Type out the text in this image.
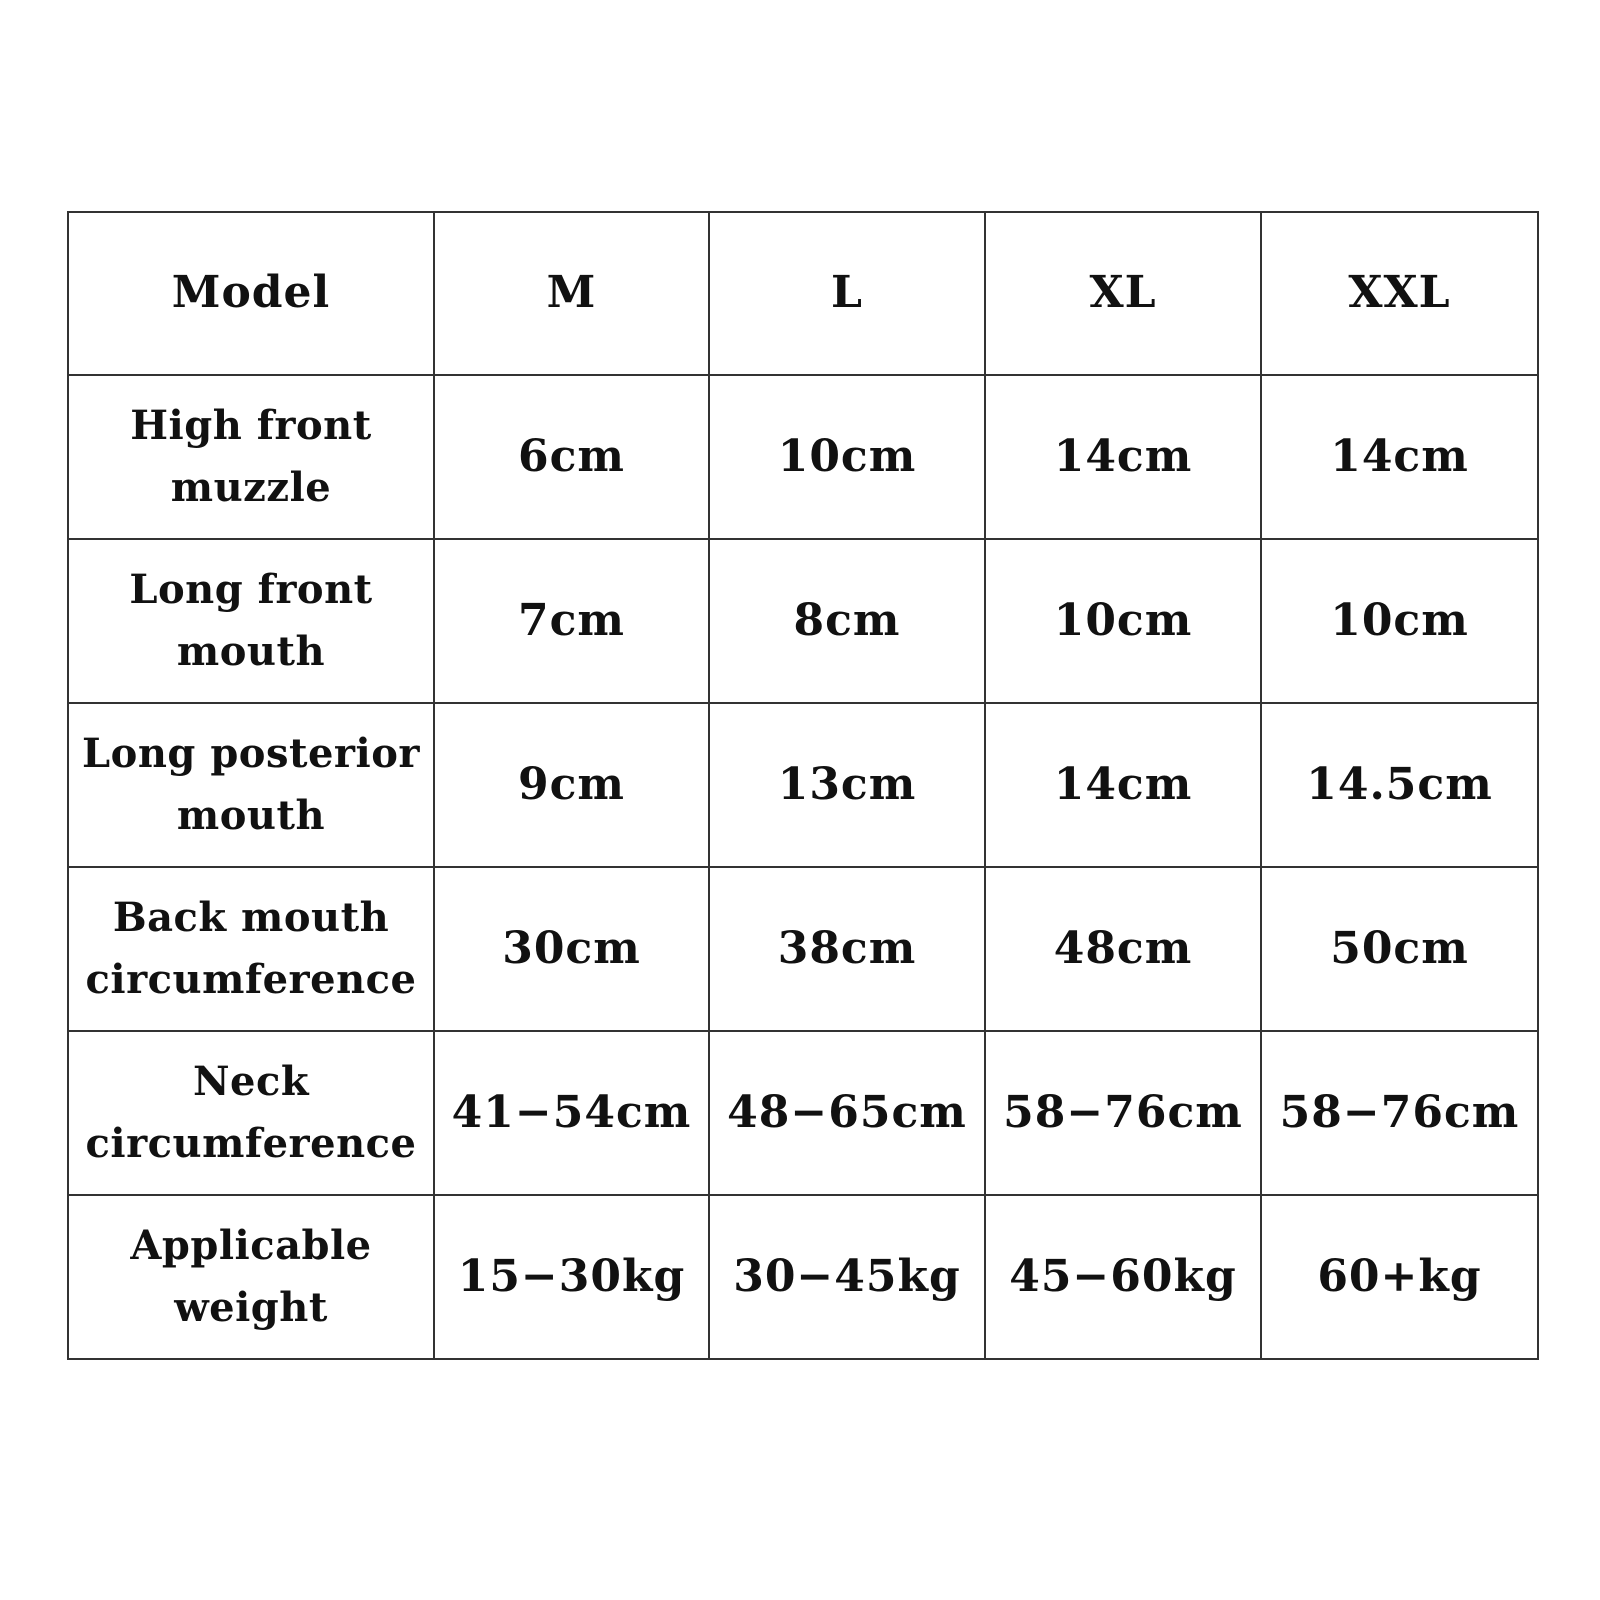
Model	M	L	XL	XXL

High front
muzzle	6cm	10cm	14cm	14cm

Long front
mouth	7cm	8cm	10cm	10cm

Long posterior
mouth	9cm	13cm	14cm	14.5cm

Back mouth
circumference	30cm	38cm	48cm	50cm

Neck
circumference	41−54cm	48−65cm	58−76cm	58−76cm

Applicable
weight	15−30kg	30−45kg	45−60kg	60+kg
